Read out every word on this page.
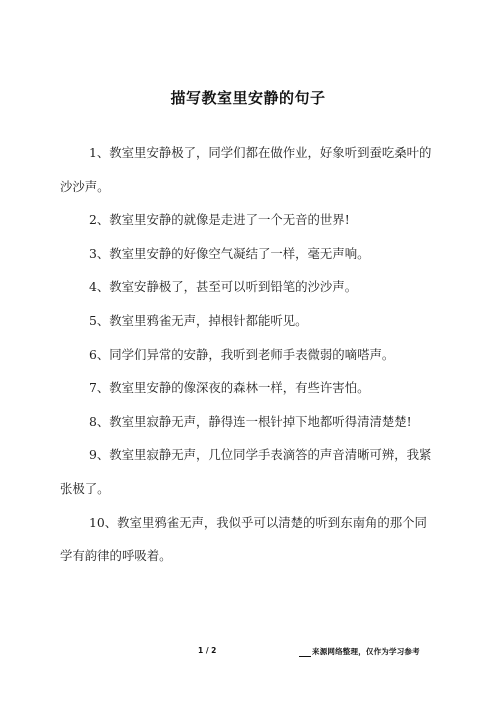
描写教室里安静的句子

1、教室里安静极了，同学们都在做作业，好象听到蚕吃桑叶的沙沙声。

2、教室里安静的就像是走进了一个无音的世界!

3、教室里安静的好像空气凝结了一样，毫无声响。

4、教室安静极了，甚至可以听到铅笔的沙沙声。

5、教室里鸦雀无声，掉根针都能听见。

6、同学们异常的安静，我听到老师手表微弱的嘀嗒声。

7、教室里安静的像深夜的森林一样，有些许害怕。

8、教室里寂静无声，静得连一根针掉下地都听得清清楚楚!

9、教室里寂静无声，几位同学手表滴答的声音清晰可辨，我紧张极了。

10、教室里鸦雀无声，我似乎可以清楚的听到东南角的那个同学有韵律的呼吸着。

1 / 2	来源网络整理，仅作为学习参考
